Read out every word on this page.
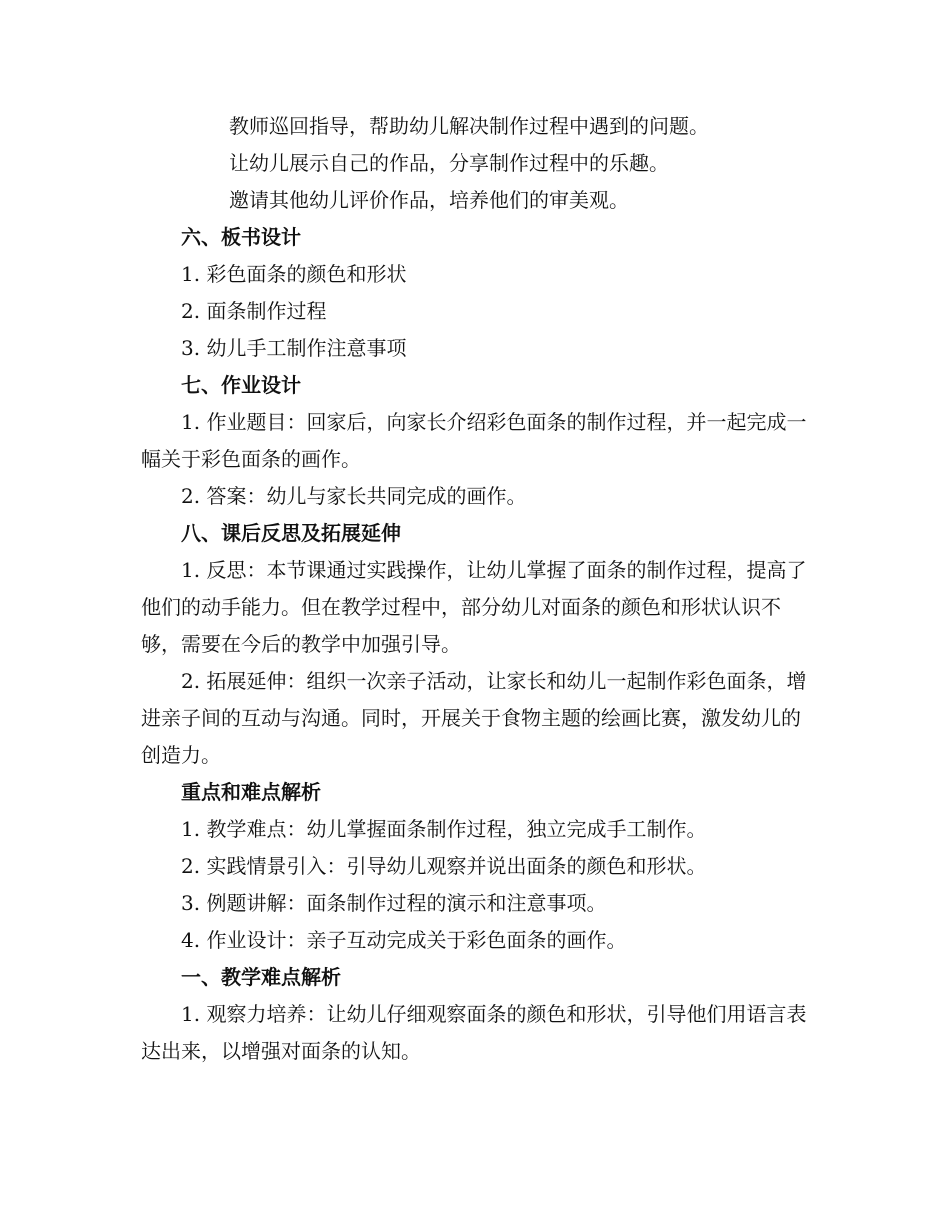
教师巡回指导，帮助幼儿解决制作过程中遇到的问题。

让幼儿展示自己的作品，分享制作过程中的乐趣。

邀请其他幼儿评价作品，培养他们的审美观。

六、板书设计

1. 彩色面条的颜色和形状

2. 面条制作过程

3. 幼儿手工制作注意事项

七、作业设计

1. 作业题目：回家后，向家长介绍彩色面条的制作过程，并一起完成一幅关于彩色面条的画作。

2. 答案：幼儿与家长共同完成的画作。

八、课后反思及拓展延伸

1. 反思：本节课通过实践操作，让幼儿掌握了面条的制作过程，提高了他们的动手能力。但在教学过程中，部分幼儿对面条的颜色和形状认识不够，需要在今后的教学中加强引导。

2. 拓展延伸：组织一次亲子活动，让家长和幼儿一起制作彩色面条，增进亲子间的互动与沟通。同时，开展关于食物主题的绘画比赛，激发幼儿的创造力。

重点和难点解析

1. 教学难点：幼儿掌握面条制作过程，独立完成手工制作。

2. 实践情景引入：引导幼儿观察并说出面条的颜色和形状。

3. 例题讲解：面条制作过程的演示和注意事项。

4. 作业设计：亲子互动完成关于彩色面条的画作。

一、教学难点解析

1. 观察力培养：让幼儿仔细观察面条的颜色和形状，引导他们用语言表达出来，以增强对面条的认知。
